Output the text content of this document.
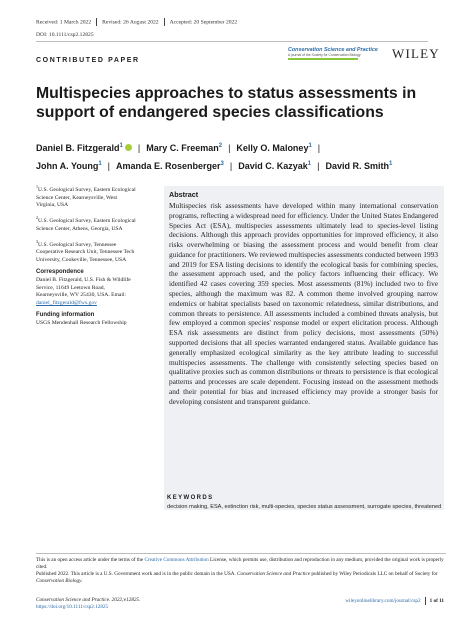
Received: 1 March 2022 Revised: 26 August 2022 Accepted: 20 September 2022
DOI: 10.1111/csp2.12825
Conservation Science and Practice
A journal of the Society for Conservation Biology	WILEY
CONTRIBUTED PAPER
Multispecies approaches to status assessments in support of endangered species classifications
Daniel B. Fitzgerald$^1$ | Mary C. Freeman$^2$ | Kelly O. Maloney$^1$ |
John A. Young$^1$ | Amanda E. Rosenberger$^3$ | David C. Kazyak$^1$ | David R. Smith$^1$
$^1$U.S. Geological Survey, Eastern Ecological Science Center, Kearneysville, West Virginia, USA
$^2$U.S. Geological Survey, Eastern Ecological Science Center, Athens, Georgia, USA
$^3$U.S. Geological Survey, Tennessee Cooperative Research Unit, Tennessee Tech University, Cookeville, Tennessee, USA
Correspondence
Daniel B. Fitzgerald, U.S. Fish & Wildlife Service, 11649 Leetown Road, Kearneysville, WV 25430, USA. Email: daniel_fitzgerald@fws.gov
Funding information
USGS Mendenhall Research Fellowship
Abstract

Multispecies risk assessments have developed within many international conservation programs, reflecting a widespread need for efficiency. Under the United States Endangered Species Act (ESA), multispecies assessments ultimately lead to species-level listing decisions. Although this approach provides opportunities for improved efficiency, it also risks overwhelming or biasing the assessment process and would benefit from clear guidance for practitioners. We reviewed multispecies assessments conducted between 1993 and 2019 for ESA listing decisions to identify the ecological basis for combining species, the assessment approach used, and the policy factors influencing their efficacy. We identified 42 cases covering 359 species. Most assessments (81%) included two to five species, although the maximum was 82. A common theme involved grouping narrow endemics or habitat specialists based on taxonomic relatedness, similar distributions, and common threats to persistence. All assessments included a combined threats analysis, but few employed a common species' response model or expert elicitation process. Although ESA risk assessments are distinct from policy decisions, most assessments (50%) supported decisions that all species warranted endangered status. Available guidance has generally emphasized ecological similarity as the key attribute leading to successful multispecies assessments. The challenge with consistently selecting species based on qualitative proxies such as common distributions or threats to persistence is that ecological patterns and processes are scale dependent. Focusing instead on the assessment methods and their potential for bias and increased efficiency may provide a stronger basis for developing consistent and transparent guidance.

KEYWORDS

decision making, ESA, extinction risk, multi-species, species status assessment, surrogate species, threatened

This is an open access article under the terms of the Creative Commons Attribution License, which permits use, distribution and reproduction in any medium, provided the original work is properly cited.

Published 2022. This article is a U.S. Government work and is in the public domain in the USA. Conservation Science and Practice published by Wiley Periodicals LLC on behalf of Society for Conservation Biology.

Conservation Science and Practice. 2022;e12825.
https://doi.org/10.1111/csp2.12825
wileyonlinelibrary.com/journal/csp2 1 of 11
